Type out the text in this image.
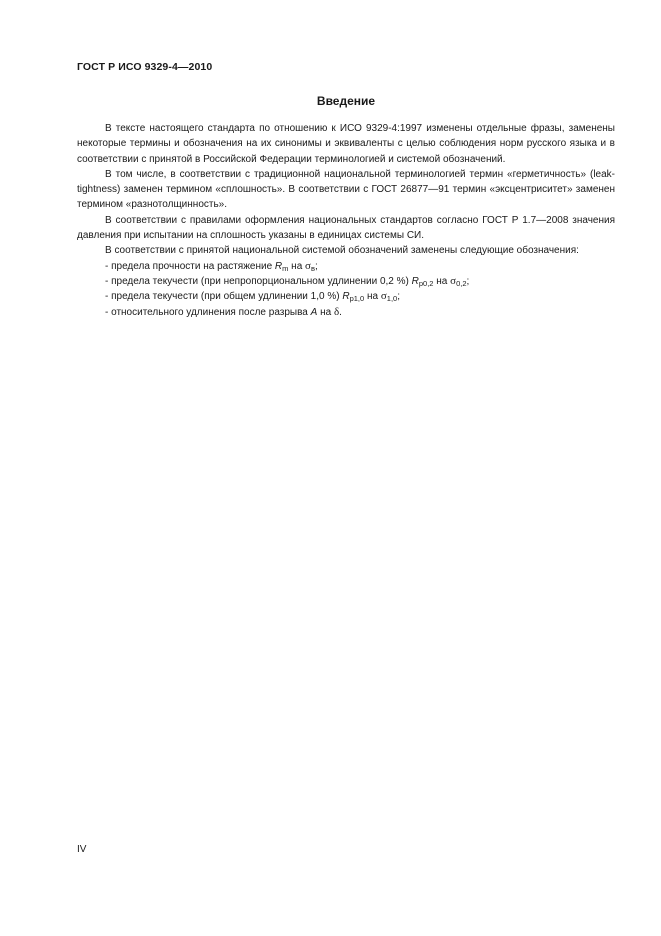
ГОСТ Р ИСО 9329-4—2010
Введение

В тексте настоящего стандарта по отношению к ИСО 9329-4:1997 изменены отдельные фразы, заменены некоторые термины и обозначения на их синонимы и эквиваленты с целью соблюдения норм русского языка и в соответствии с принятой в Российской Федерации терминологией и системой обозначений.

В том числе, в соответствии с традиционной национальной терминологией термин «герметичность» (leak-tightness) заменен термином «сплошность». В соответствии с ГОСТ 26877—91 термин «эксцентриситет» заменен термином «разнотолщинность».

В соответствии с правилами оформления национальных стандартов согласно ГОСТ Р 1.7—2008 значения давления при испытании на сплошность указаны в единицах системы СИ.

В соответствии с принятой национальной системой обозначений заменены следующие обозначения:

- предела прочности на растяжение $R_m$ на $\sigma_в$;
- предела текучести (при непропорциональном удлинении 0,2 %) $R_{p0,2}$ на $\sigma_{0,2}$;
- предела текучести (при общем удлинении 1,0 %) $R_{p1,0}$ на $\sigma_{1,0}$;
- относительного удлинения после разрыва A на δ.
IV
